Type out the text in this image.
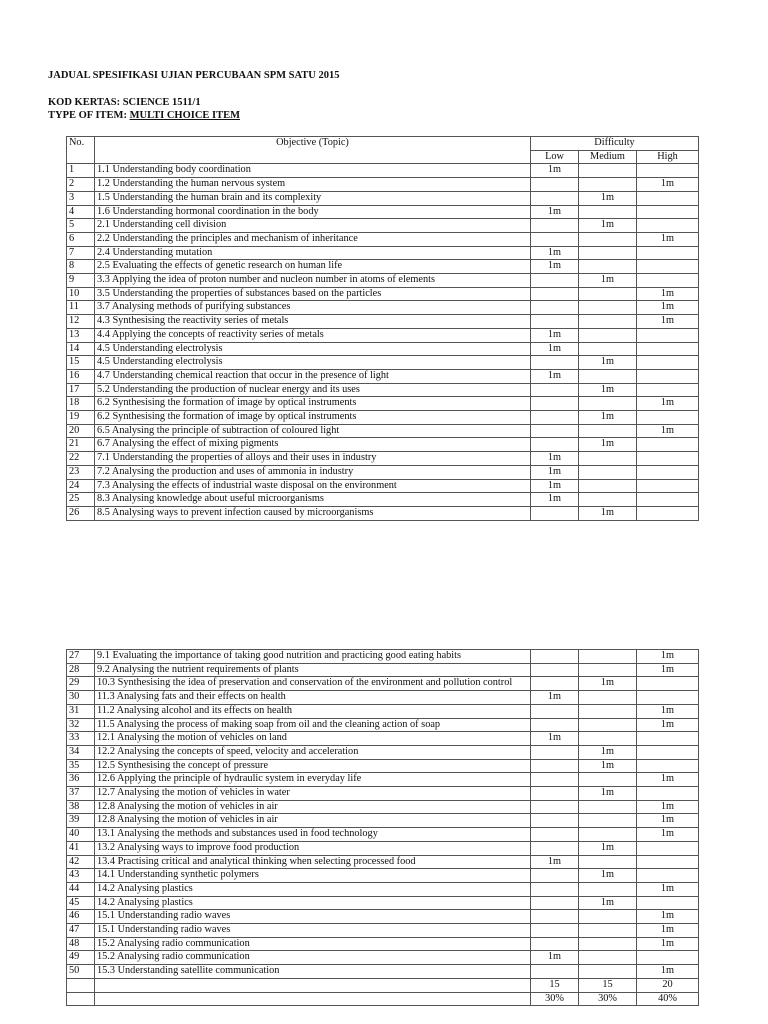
JADUAL SPESIFIKASI UJIAN PERCUBAAN SPM SATU 2015
KOD KERTAS: SCIENCE 1511/1
TYPE OF ITEM: MULTI CHOICE ITEM
No.	Objective (Topic)	Difficulty		
		Low	Medium	High
1	1.1 Understanding body coordination	1m		
2	1.2 Understanding the human nervous system			1m
3	1.5 Understanding the human brain and its complexity		1m	
4	1.6 Understanding hormonal coordination in the body	1m		
5	2.1 Understanding cell division		1m	
6	2.2 Understanding the principles and mechanism of inheritance			1m
7	2.4 Understanding mutation	1m		
8	2.5 Evaluating the effects of genetic research on human life	1m		
9	3.3 Applying the idea of proton number and nucleon number in atoms of elements		1m	
10	3.5 Understanding the properties of substances based on the particles			1m
11	3.7 Analysing methods of purifying substances			1m
12	4.3 Synthesising the reactivity series of metals			1m
13	4.4 Applying the concepts of reactivity series of metals	1m		
14	4.5 Understanding electrolysis	1m		
15	4.5 Understanding electrolysis		1m	
16	4.7 Understanding chemical reaction that occur in the presence of light	1m		
17	5.2 Understanding the production of nuclear energy and its uses		1m	
18	6.2 Synthesising the formation of image by optical instruments			1m
19	6.2 Synthesising the formation of image by optical instruments		1m	
20	6.5 Analysing the principle of subtraction of coloured light			1m
21	6.7 Analysing the effect of mixing pigments		1m	
22	7.1 Understanding the properties of alloys and their uses in industry	1m		
23	7.2 Analysing the production and uses of ammonia in industry	1m		
24	7.3 Analysing the effects of industrial waste disposal on the environment	1m		
25	8.3 Analysing knowledge about useful microorganisms	1m		
26	8.5 Analysing ways to prevent infection caused by microorganisms		1m	
27	9.1 Evaluating the importance of taking good nutrition and practicing good eating habits			1m
28	9.2 Analysing the nutrient requirements of plants			1m
29	10.3 Synthesising the idea of preservation and conservation of the environment and pollution control		1m	
30	11.3 Analysing fats and their effects on health	1m		
31	11.2 Analysing alcohol and its effects on health			1m
32	11.5 Analysing the process of making soap from oil and the cleaning action of soap			1m
33	12.1 Analysing the motion of vehicles on land	1m		
34	12.2 Analysing the concepts of speed, velocity and acceleration		1m	
35	12.5 Synthesising the concept of pressure		1m	
36	12.6 Applying the principle of hydraulic system in everyday life			1m
37	12.7 Analysing the motion of vehicles in water		1m	
38	12.8 Analysing the motion of vehicles in air			1m
39	12.8 Analysing the motion of vehicles in air			1m
40	13.1 Analysing the methods and substances used in food technology			1m
41	13.2 Analysing ways to improve food production		1m	
42	13.4 Practising critical and analytical thinking when selecting processed food	1m		
43	14.1 Understanding synthetic polymers		1m	
44	14.2 Analysing plastics			1m
45	14.2 Analysing plastics		1m	
46	15.1 Understanding radio waves			1m
47	15.1 Understanding radio waves			1m
48	15.2 Analysing radio communication			1m
49	15.2 Analysing radio communication	1m		
50	15.3 Understanding satellite communication			1m
		15	15	20
		30%	30%	40%
